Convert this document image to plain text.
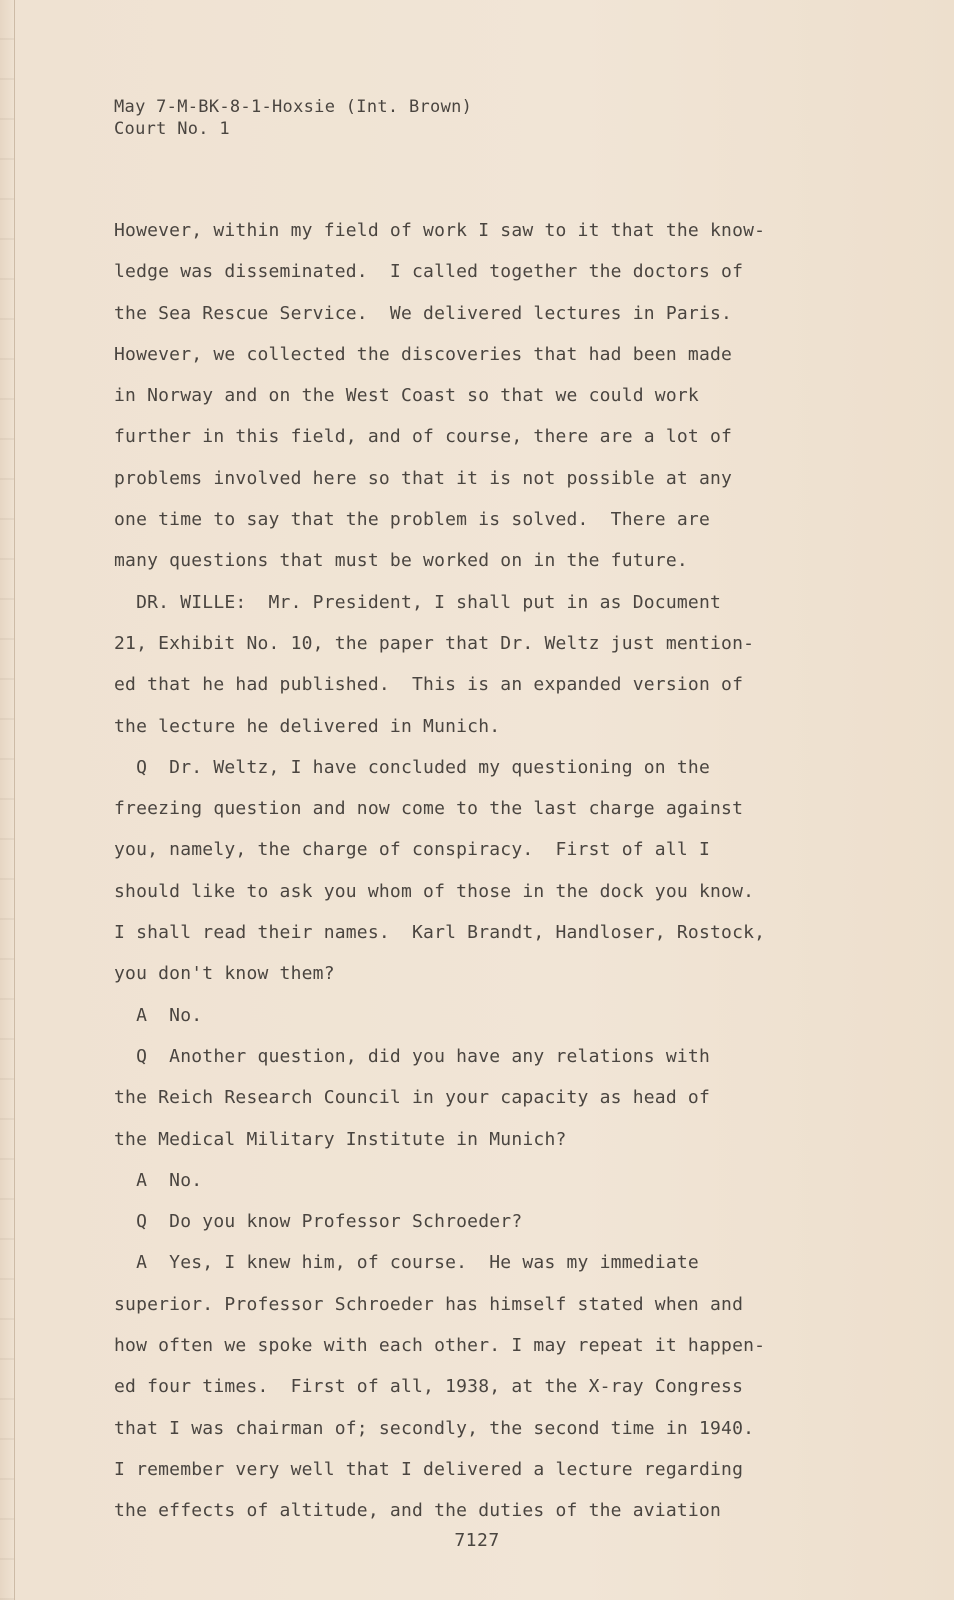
May 7-M-BK-8-1-Hoxsie (Int. Brown)
Court No. 1
However, within my field of work I saw to it that the know-
ledge was disseminated.  I called together the doctors of
the Sea Rescue Service.  We delivered lectures in Paris.
However, we collected the discoveries that had been made
in Norway and on the West Coast so that we could work
further in this field, and of course, there are a lot of
problems involved here so that it is not possible at any
one time to say that the problem is solved.  There are
many questions that must be worked on in the future.
DR. WILLE:  Mr. President, I shall put in as Document
21, Exhibit No. 10, the paper that Dr. Weltz just mention-
ed that he had published.  This is an expanded version of
the lecture he delivered in Munich.
Q  Dr. Weltz, I have concluded my questioning on the
freezing question and now come to the last charge against
you, namely, the charge of conspiracy.  First of all I
should like to ask you whom of those in the dock you know.
I shall read their names.  Karl Brandt, Handloser, Rostock,
you don't know them?
A  No.
Q  Another question, did you have any relations with
the Reich Research Council in your capacity as head of
the Medical Military Institute in Munich?
A  No.
Q  Do you know Professor Schroeder?
A  Yes, I knew him, of course.  He was my immediate
superior. Professor Schroeder has himself stated when and
how often we spoke with each other. I may repeat it happen-
ed four times.  First of all, 1938, at the X-ray Congress
that I was chairman of; secondly, the second time in 1940.
I remember very well that I delivered a lecture regarding
the effects of altitude, and the duties of the aviation
7127
